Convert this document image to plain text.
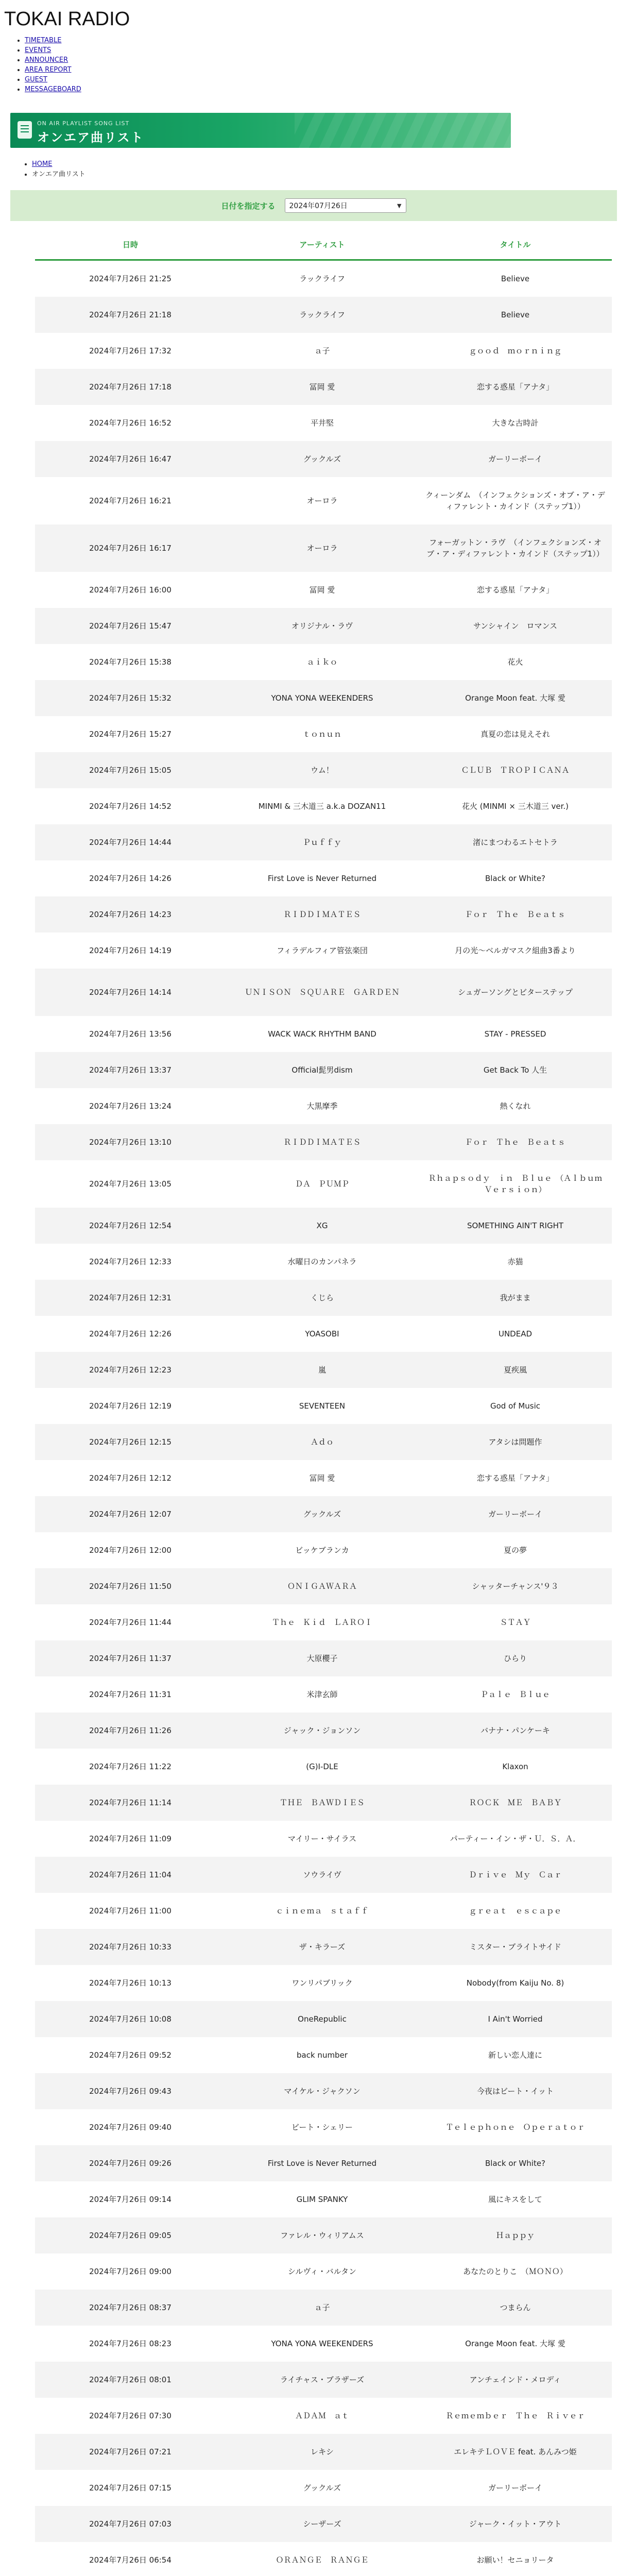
TOKAI RADIO
• TIMETABLE
• EVENTS
• ANNOUNCER
• AREA REPORT
• GUEST
• MESSAGEBOARD
ON AIR PLAYLIST SONG LIST
オンエア曲リスト
• HOME
• オンエア曲リスト
日付を指定する 2024年07月26日	▼
日時	アーティスト	タイトル
2024年7月26日 21:25	ラックライフ	Believe
2024年7月26日 21:18	ラックライフ	Believe
2024年7月26日 17:32	ａ子	ｇｏｏｄ　ｍｏｒｎｉｎｇ
2024年7月26日 17:18	冨岡 愛	恋する惑星「アナタ」
2024年7月26日 16:52	平井堅	大きな古時計
2024年7月26日 16:47	グックルズ	ガーリーボーイ
2024年7月26日 16:21	オーロラ	クィーンダム　（インフェクションズ・オブ・ア・ディファレント・カインド（ステップ1））
2024年7月26日 16:17	オーロラ	フォーガットン・ラヴ　（インフェクションズ・オブ・ア・ディファレント・カインド（ステップ1））
2024年7月26日 16:00	冨岡 愛	恋する惑星「アナタ」
2024年7月26日 15:47	オリジナル・ラヴ	サンシャイン　ロマンス
2024年7月26日 15:38	ａｉｋｏ	花火
2024年7月26日 15:32	YONA YONA WEEKENDERS	Orange Moon feat. 大塚 愛
2024年7月26日 15:27	ｔｏｎｕｎ	真夏の恋は見えそれ
2024年7月26日 15:05	ウム！	ＣＬＵＢ　ＴＲＯＰＩＣＡＮＡ
2024年7月26日 14:52	MINMI & 三木道三 a.k.a DOZAN11	花火 (MINMI × 三木道三 ver.)
2024年7月26日 14:44	Ｐｕｆｆｙ	渚にまつわるエトセトラ
2024年7月26日 14:26	First Love is Never Returned	Black or White?
2024年7月26日 14:23	ＲＩＤＤＩＭＡＴＥＳ	Ｆｏｒ　Ｔｈｅ　Ｂｅａｔｓ
2024年7月26日 14:19	フィラデルフィア管弦楽団	月の光～ベルガマスク組曲3番より
2024年7月26日 14:14	ＵＮＩＳＯＮ　ＳＱＵＡＲＥ　ＧＡＲＤＥＮ	シュガーソングとビターステップ
2024年7月26日 13:56	WACK WACK RHYTHM BAND	STAY - PRESSED
2024年7月26日 13:37	Official髭男dism	Get Back To 人生
2024年7月26日 13:24	大黒摩季	熱くなれ
2024年7月26日 13:10	ＲＩＤＤＩＭＡＴＥＳ	Ｆｏｒ　Ｔｈｅ　Ｂｅａｔｓ
2024年7月26日 13:05	ＤＡ　ＰＵＭＰ	Ｒｈａｐｓｏｄｙ　ｉｎ　Ｂｌｕｅ　（Ａｌｂｕｍ　Ｖｅｒｓｉｏｎ）
2024年7月26日 12:54	XG	SOMETHING AIN'T RIGHT
2024年7月26日 12:33	水曜日のカンパネラ	赤猫
2024年7月26日 12:31	くじら	我がまま
2024年7月26日 12:26	YOASOBI	UNDEAD
2024年7月26日 12:23	嵐	夏疾風
2024年7月26日 12:19	SEVENTEEN	God of Music
2024年7月26日 12:15	Ａｄｏ	アタシは問題作
2024年7月26日 12:12	冨岡 愛	恋する惑星「アナタ」
2024年7月26日 12:07	グックルズ	ガーリーボーイ
2024年7月26日 12:00	ビッケブランカ	夏の夢
2024年7月26日 11:50	ＯＮＩＧＡＷＡＲＡ	シャッターチャンス'９３
2024年7月26日 11:44	Ｔｈｅ　Ｋｉｄ　ＬＡＲＯＩ	ＳＴＡＹ
2024年7月26日 11:37	大原櫻子	ひらり
2024年7月26日 11:31	米津玄師	Ｐａｌｅ　Ｂｌｕｅ
2024年7月26日 11:26	ジャック・ジョンソン	バナナ・パンケーキ
2024年7月26日 11:22	(G)I-DLE	Klaxon
2024年7月26日 11:14	ＴＨＥ　ＢＡＷＤＩＥＳ	ＲＯＣＫ　ＭＥ　ＢＡＢＹ
2024年7月26日 11:09	マイリー・サイラス	パーティー・イン・ザ・Ｕ．Ｓ．Ａ．
2024年7月26日 11:04	ソウライヴ	Ｄｒｉｖｅ　Ｍｙ　Ｃａｒ
2024年7月26日 11:00	ｃｉｎｅｍａ　ｓｔａｆｆ	ｇｒｅａｔ　ｅｓｃａｐｅ
2024年7月26日 10:33	ザ・キラーズ	ミスター・ブライトサイド
2024年7月26日 10:13	ワンリパブリック	Nobody(from Kaiju No. 8)
2024年7月26日 10:08	OneRepublic	I Ain't Worried
2024年7月26日 09:52	back number	新しい恋人達に
2024年7月26日 09:43	マイケル・ジャクソン	今夜はビート・イット
2024年7月26日 09:40	ビート・シェリー	Ｔｅｌｅｐｈｏｎｅ　Ｏｐｅｒａｔｏｒ
2024年7月26日 09:26	First Love is Never Returned	Black or White?
2024年7月26日 09:14	GLIM SPANKY	風にキスをして
2024年7月26日 09:05	ファレル・ウィリアムス	Ｈａｐｐｙ
2024年7月26日 09:00	シルヴィ・バルタン	あなたのとりこ　（ＭＯＮＯ）
2024年7月26日 08:37	ａ子	つまらん
2024年7月26日 08:23	YONA YONA WEEKENDERS	Orange Moon feat. 大塚 愛
2024年7月26日 08:01	ライチャス・ブラザーズ	アンチェインド・メロディ
2024年7月26日 07:30	ＡＤＡＭ　ａｔ	Ｒｅｍｅｍｂｅｒ　Ｔｈｅ　Ｒｉｖｅｒ
2024年7月26日 07:21	レキシ	エレキテＬＯＶＥ feat. あんみつ姫
2024年7月26日 07:15	グックルズ	ガーリーボーイ
2024年7月26日 07:03	シーザーズ	ジャーク・イット・アウト
2024年7月26日 06:54	ＯＲＡＮＧＥ　ＲＡＮＧＥ	お願い！セニョリータ
